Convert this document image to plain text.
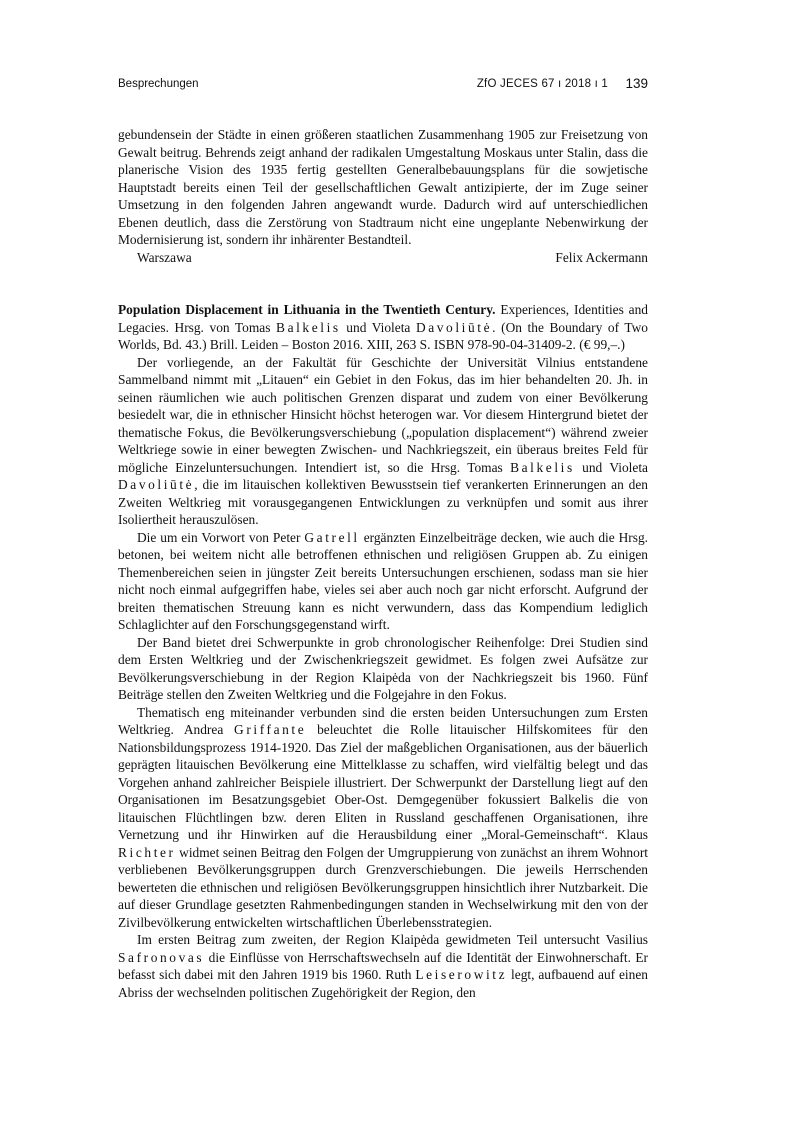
Besprechungen	ZfO JECES 67 ı 2018 ı 1 139

gebundensein der Städte in einen größeren staatlichen Zusammenhang 1905 zur Freisetzung von Gewalt beitrug. Behrends zeigt anhand der radikalen Umgestaltung Moskaus unter Stalin, dass die planerische Vision des 1935 fertig gestellten Generalbebauungsplans für die sowjetische Hauptstadt bereits einen Teil der gesellschaftlichen Gewalt antizipierte, der im Zuge seiner Umsetzung in den folgenden Jahren angewandt wurde. Dadurch wird auf unterschiedlichen Ebenen deutlich, dass die Zerstörung von Stadtraum nicht eine ungeplante Nebenwirkung der Modernisierung ist, sondern ihr inhärenter Bestandteil.

Warszawa	Felix Ackermann

Population Displacement in Lithuania in the Twentieth Century. Experiences, Identities and Legacies. Hrsg. von Tomas Balkelis und Violeta Davoliūtė. (On the Boundary of Two Worlds, Bd. 43.) Brill. Leiden – Boston 2016. XIII, 263 S. ISBN 978-90-04-31409-2. (€ 99,–.)

Der vorliegende, an der Fakultät für Geschichte der Universität Vilnius entstandene Sammelband nimmt mit „Litauen“ ein Gebiet in den Fokus, das im hier behandelten 20. Jh. in seinen räumlichen wie auch politischen Grenzen disparat und zudem von einer Bevölkerung besiedelt war, die in ethnischer Hinsicht höchst heterogen war. Vor diesem Hintergrund bietet der thematische Fokus, die Bevölkerungsverschiebung („population displacement“) während zweier Weltkriege sowie in einer bewegten Zwischen- und Nachkriegszeit, ein überaus breites Feld für mögliche Einzeluntersuchungen. Intendiert ist, so die Hrsg. Tomas Balkelis und Violeta Davoliūtė, die im litauischen kollektiven Bewusstsein tief verankerten Erinnerungen an den Zweiten Weltkrieg mit vorausgegangenen Entwicklungen zu verknüpfen und somit aus ihrer Isoliertheit herauszulösen.

Die um ein Vorwort von Peter Gatrell ergänzten Einzelbeiträge decken, wie auch die Hrsg. betonen, bei weitem nicht alle betroffenen ethnischen und religiösen Gruppen ab. Zu einigen Themenbereichen seien in jüngster Zeit bereits Untersuchungen erschienen, sodass man sie hier nicht noch einmal aufgegriffen habe, vieles sei aber auch noch gar nicht erforscht. Aufgrund der breiten thematischen Streuung kann es nicht verwundern, dass das Kompendium lediglich Schlaglichter auf den Forschungsgegenstand wirft.

Der Band bietet drei Schwerpunkte in grob chronologischer Reihenfolge: Drei Studien sind dem Ersten Weltkrieg und der Zwischenkriegszeit gewidmet. Es folgen zwei Aufsätze zur Bevölkerungsverschiebung in der Region Klaipėda von der Nachkriegszeit bis 1960. Fünf Beiträge stellen den Zweiten Weltkrieg und die Folgejahre in den Fokus.

Thematisch eng miteinander verbunden sind die ersten beiden Untersuchungen zum Ersten Weltkrieg. Andrea Griffante beleuchtet die Rolle litauischer Hilfskomitees für den Nationsbildungsprozess 1914-1920. Das Ziel der maßgeblichen Organisationen, aus der bäuerlich geprägten litauischen Bevölkerung eine Mittelklasse zu schaffen, wird vielfältig belegt und das Vorgehen anhand zahlreicher Beispiele illustriert. Der Schwerpunkt der Darstellung liegt auf den Organisationen im Besatzungsgebiet Ober-Ost. Demgegenüber fokussiert Balkelis die von litauischen Flüchtlingen bzw. deren Eliten in Russland geschaffenen Organisationen, ihre Vernetzung und ihr Hinwirken auf die Herausbildung einer „Moral-Gemeinschaft“. Klaus Richter widmet seinen Beitrag den Folgen der Umgruppierung von zunächst an ihrem Wohnort verbliebenen Bevölkerungsgruppen durch Grenzverschiebungen. Die jeweils Herrschenden bewerteten die ethnischen und religiösen Bevölkerungsgruppen hinsichtlich ihrer Nutzbarkeit. Die auf dieser Grundlage gesetzten Rahmenbedingungen standen in Wechselwirkung mit den von der Zivilbevölkerung entwickelten wirtschaftlichen Überlebensstrategien.

Im ersten Beitrag zum zweiten, der Region Klaipėda gewidmeten Teil untersucht Vasilius Safronovas die Einflüsse von Herrschaftswechseln auf die Identität der Einwohnerschaft. Er befasst sich dabei mit den Jahren 1919 bis 1960. Ruth Leiserowitz legt, aufbauend auf einen Abriss der wechselnden politischen Zugehörigkeit der Region, den
